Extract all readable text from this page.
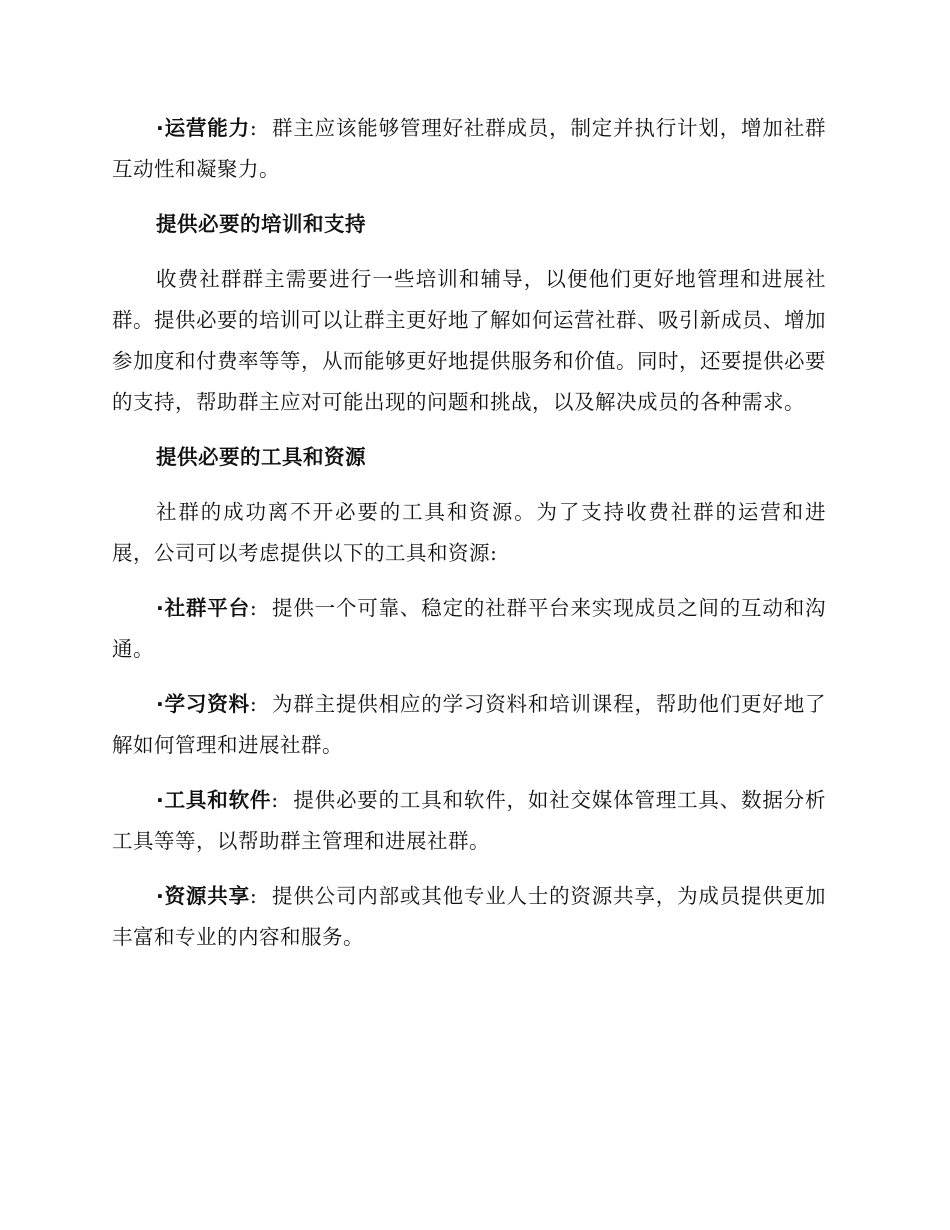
·运营能力: 群主应该能够管理好社群成员，制定并执行计划，增加社群互动性和凝聚力。

提供必要的培训和支持

收费社群群主需要进行一些培训和辅导，以便他们更好地管理和进展社群。提供必要的培训可以让群主更好地了解如何运营社群、吸引新成员、增加参加度和付费率等等，从而能够更好地提供服务和价值。同时，还要提供必要的支持，帮助群主应对可能出现的问题和挑战，以及解决成员的各种需求。

提供必要的工具和资源

社群的成功离不开必要的工具和资源。为了支持收费社群的运营和进展，公司可以考虑提供以下的工具和资源:

·社群平台: 提供一个可靠、稳定的社群平台来实现成员之间的互动和沟通。

·学习资料: 为群主提供相应的学习资料和培训课程，帮助他们更好地了解如何管理和进展社群。

·工具和软件: 提供必要的工具和软件，如社交媒体管理工具、数据分析工具等等，以帮助群主管理和进展社群。

·资源共享: 提供公司内部或其他专业人士的资源共享，为成员提供更加丰富和专业的内容和服务。
